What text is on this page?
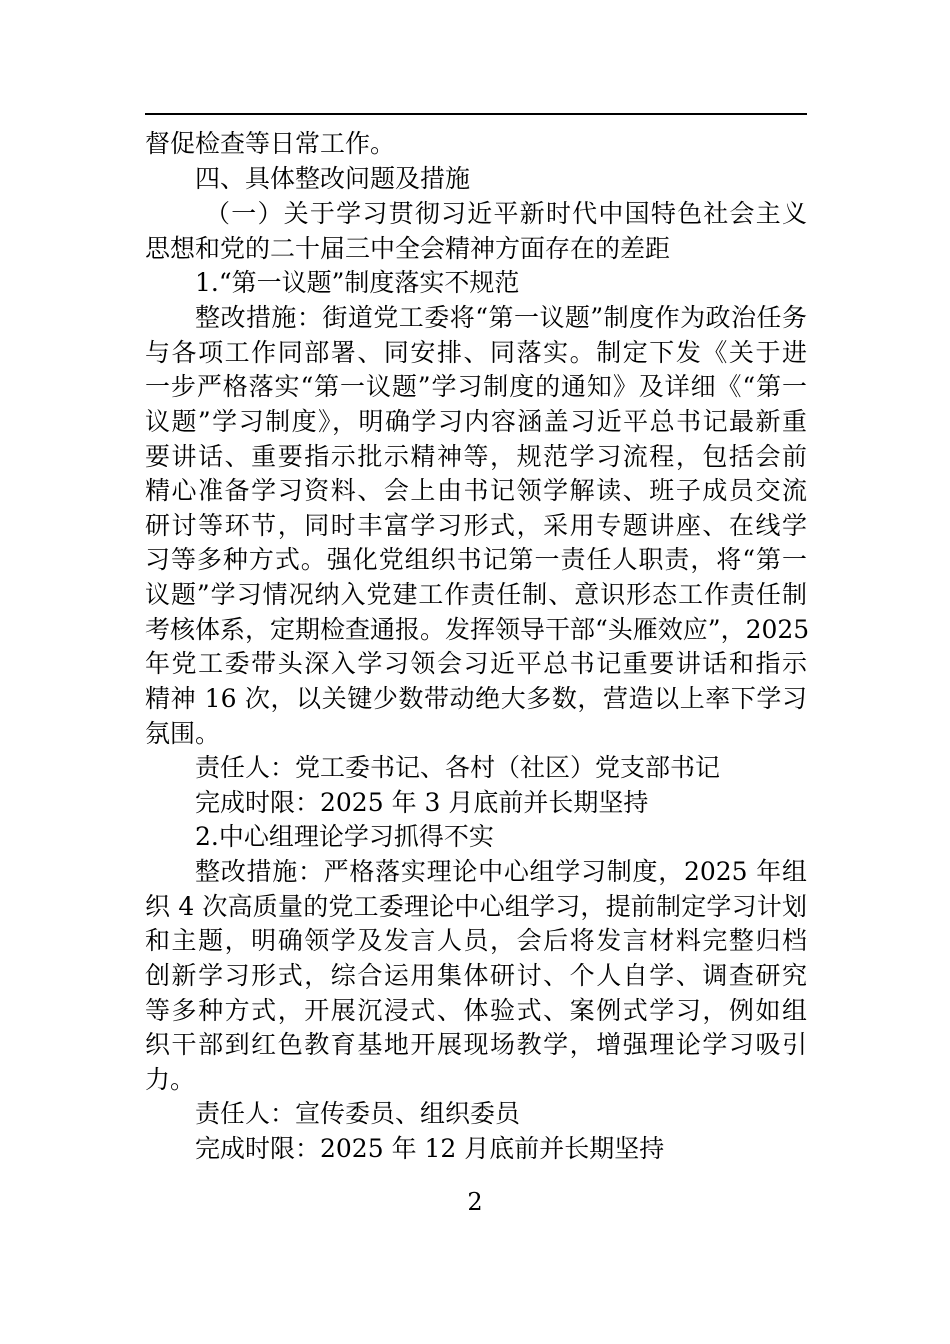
督促检查等日常工作。
四、具体整改问题及措施
（一）关于学习贯彻习近平新时代中国特色社会主义
思想和党的二十届三中全会精神方面存在的差距
1.“第一议题”制度落实不规范
整改措施：街道党工委将“第一议题”制度作为政治任务
与各项工作同部署、同安排、同落实。制定下发《关于进
一步严格落实“第一议题”学习制度的通知》及详细《“第一
议题”学习制度》，明确学习内容涵盖习近平总书记最新重
要讲话、重要指示批示精神等，规范学习流程，包括会前
精心准备学习资料、会上由书记领学解读、班子成员交流
研讨等环节，同时丰富学习形式，采用专题讲座、在线学
习等多种方式。强化党组织书记第一责任人职责，将“第一
议题”学习情况纳入党建工作责任制、意识形态工作责任制
考核体系，定期检查通报。发挥领导干部“头雁效应”，2025
年党工委带头深入学习领会习近平总书记重要讲话和指示
精神 16 次，以关键少数带动绝大多数，营造以上率下学习
氛围。
责任人：党工委书记、各村（社区）党支部书记
完成时限：2025 年 3 月底前并长期坚持
2.中心组理论学习抓得不实
整改措施：严格落实理论中心组学习制度，2025 年组
织 4 次高质量的党工委理论中心组学习，提前制定学习计划
和主题，明确领学及发言人员，会后将发言材料完整归档
创新学习形式，综合运用集体研讨、个人自学、调查研究
等多种方式，开展沉浸式、体验式、案例式学习，例如组
织干部到红色教育基地开展现场教学，增强理论学习吸引
力。
责任人：宣传委员、组织委员
完成时限：2025 年 12 月底前并长期坚持
2
